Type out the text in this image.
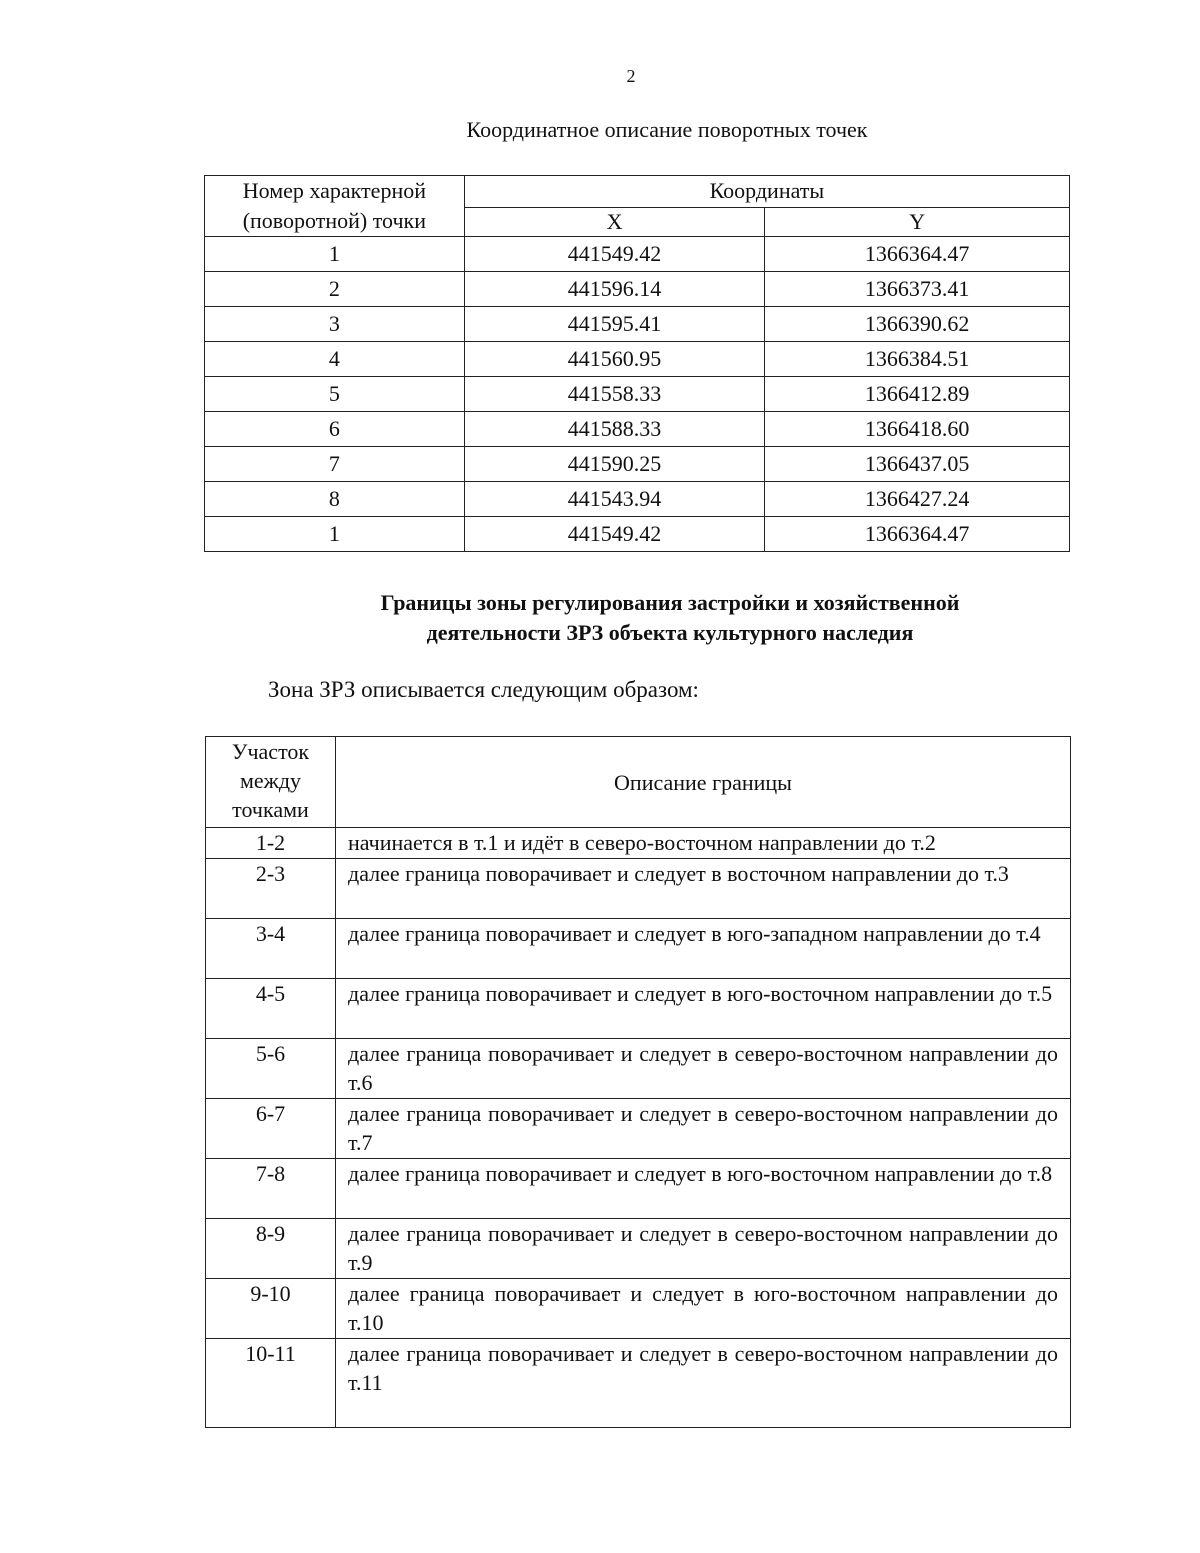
2
Координатное описание поворотных точек
Номер характерной (поворотной) точки	Координаты	
	X	Y
1	441549.42	1366364.47
2	441596.14	1366373.41
3	441595.41	1366390.62
4	441560.95	1366384.51
5	441558.33	1366412.89
6	441588.33	1366418.60
7	441590.25	1366437.05
8	441543.94	1366427.24
1	441549.42	1366364.47
Границы зоны регулирования застройки и хозяйственной
деятельности ЗРЗ объекта культурного наследия
Зона ЗРЗ описывается следующим образом:
Участок
между
точками	Описание границы
1-2	начинается в т.1 и идёт в северо-восточном направлении до т.2
2-3	далее граница поворачивает и следует в восточном направлении до т.3
3-4	далее граница поворачивает и следует в юго-западном направлении до т.4
4-5	далее граница поворачивает и следует в юго-восточном направлении до т.5
5-6	далее граница поворачивает и следует в северо-восточном направлении до т.6
6-7	далее граница поворачивает и следует в северо-восточном направлении до т.7
7-8	далее граница поворачивает и следует в юго-восточном направлении до т.8
8-9	далее граница поворачивает и следует в северо-восточном направлении до т.9
9-10	далее граница поворачивает и следует в юго-восточном направлении до т.10
10-11	далее граница поворачивает и следует в северо-восточном направлении до т.11
